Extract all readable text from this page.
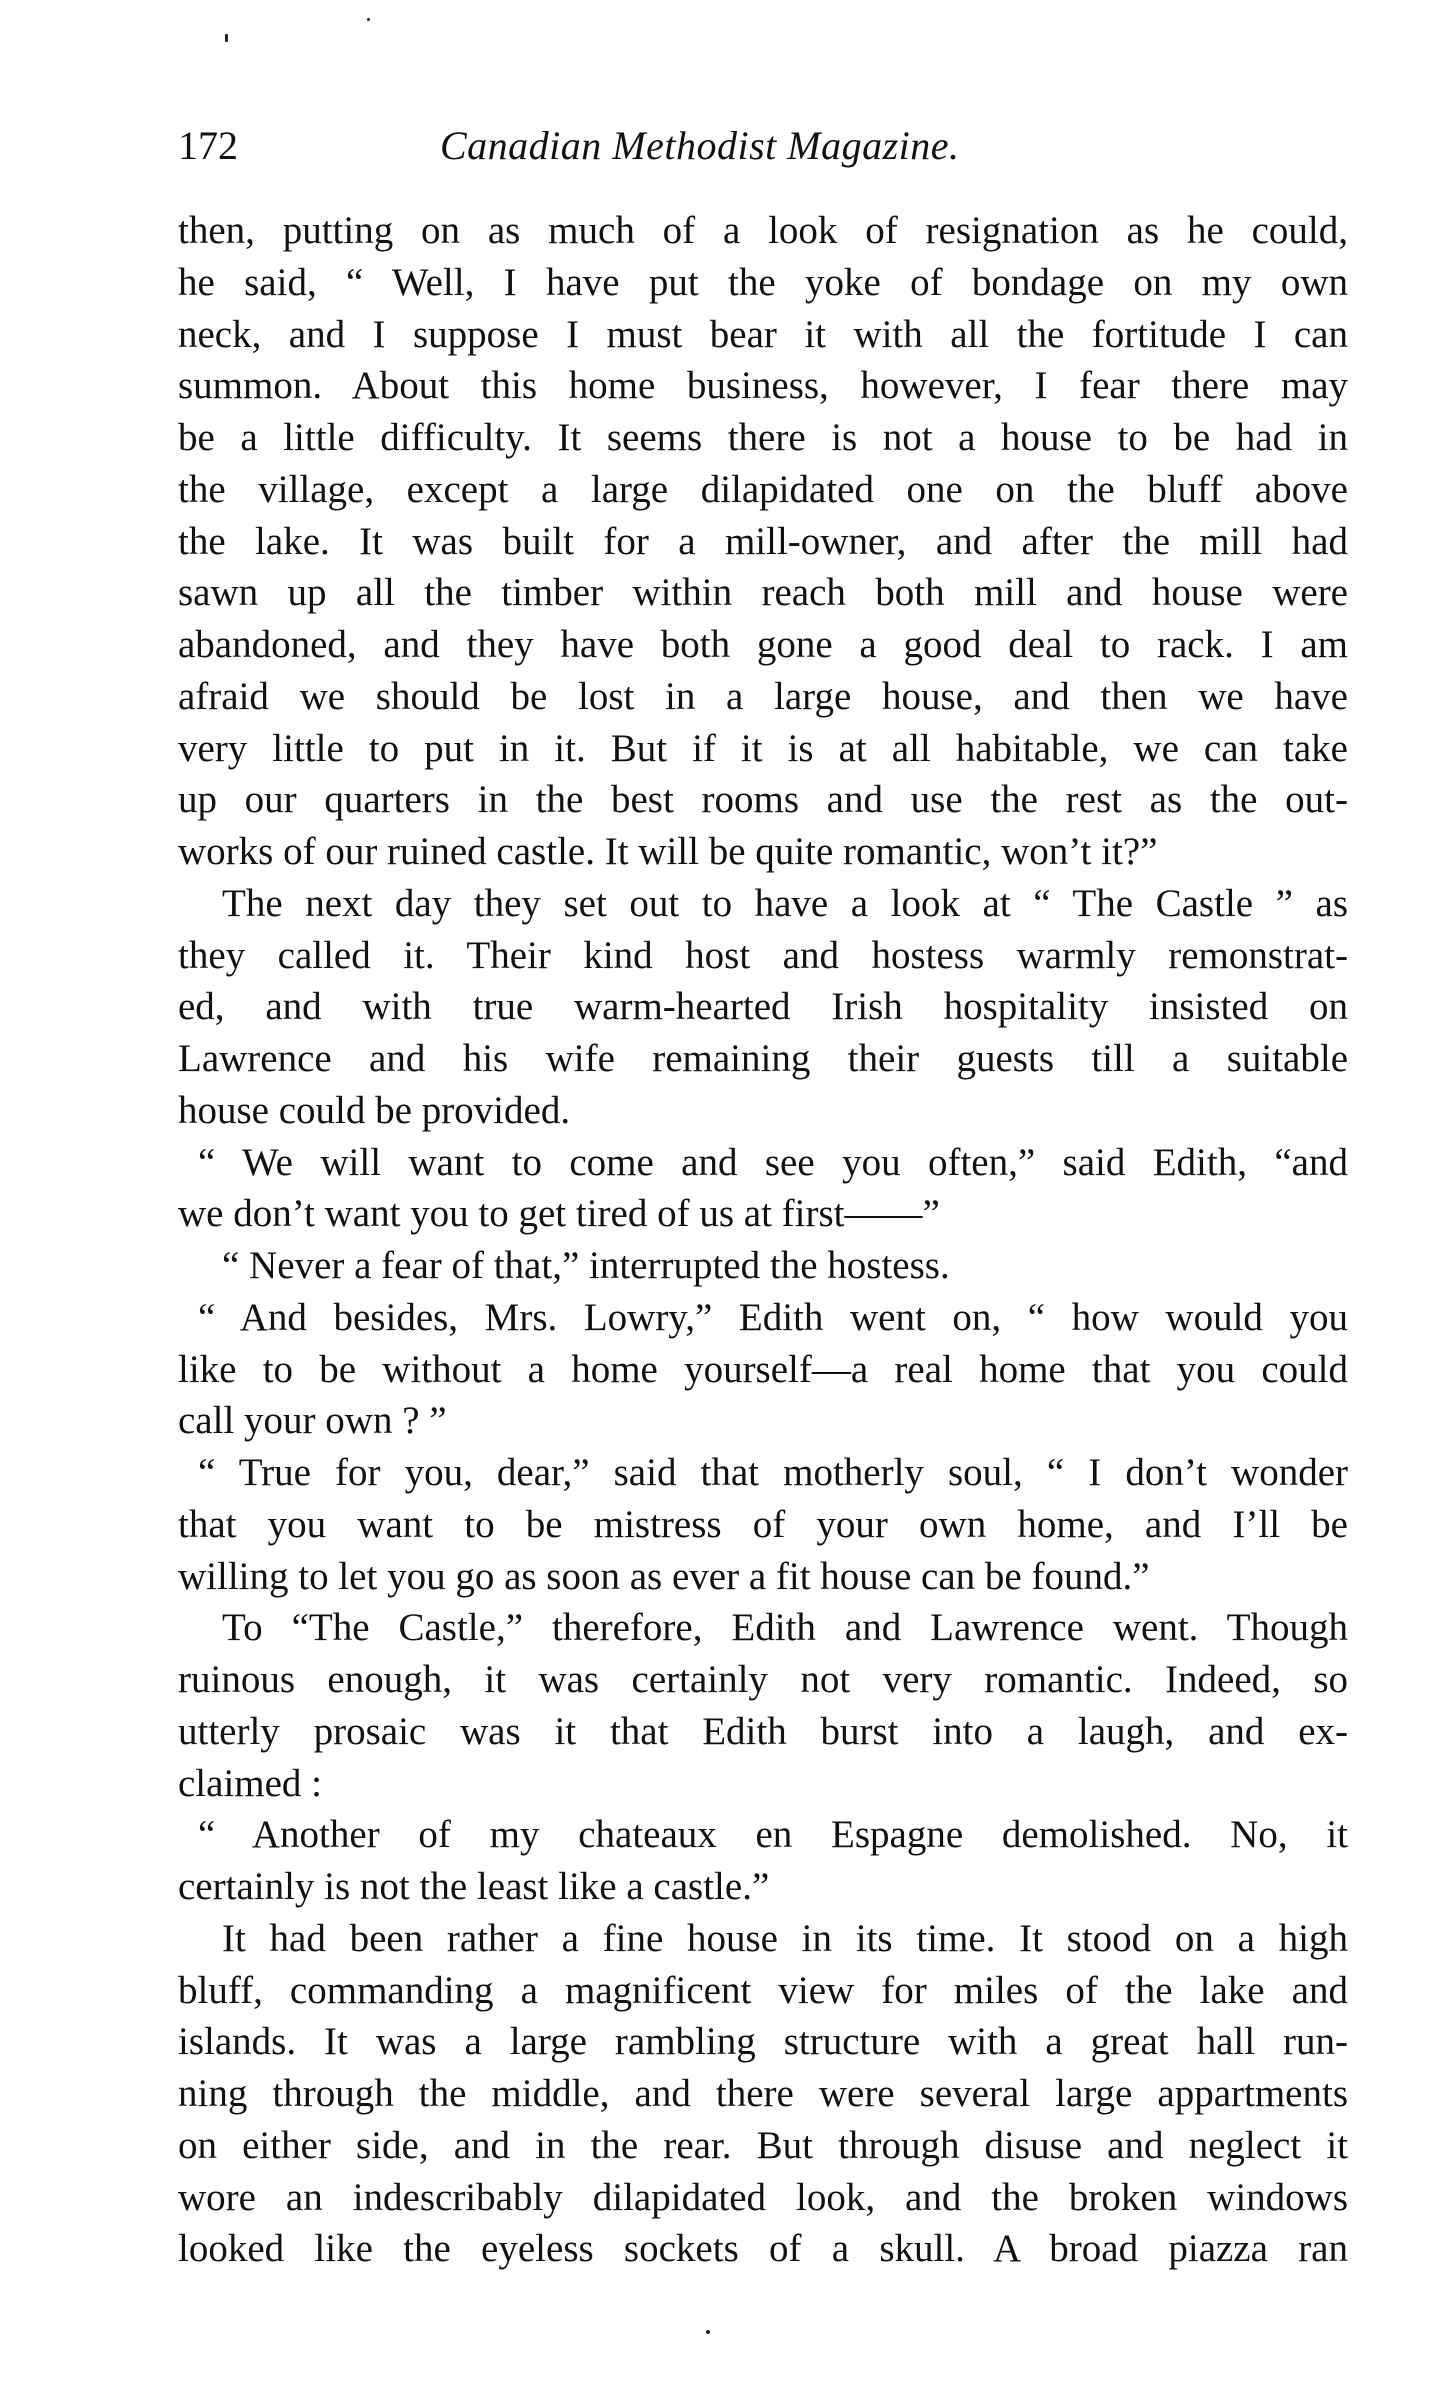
172	Canadian Methodist Magazine.
then, putting on as much of a look of resignation as he could,
he said, “ Well, I have put the yoke of bondage on my own
neck, and I suppose I must bear it with all the fortitude I can
summon. About this home business, however, I fear there may
be a little difficulty. It seems there is not a house to be had in
the village, except a large dilapidated one on the bluff above
the lake. It was built for a mill-owner, and after the mill had
sawn up all the timber within reach both mill and house were
abandoned, and they have both gone a good deal to rack. I am
afraid we should be lost in a large house, and then we have
very little to put in it. But if it is at all habitable, we can take
up our quarters in the best rooms and use the rest as the out-
works of our ruined castle. It will be quite romantic, won’t it?”
The next day they set out to have a look at “ The Castle ” as
they called it. Their kind host and hostess warmly remonstrat-
ed, and with true warm-hearted Irish hospitality insisted on
Lawrence and his wife remaining their guests till a suitable
house could be provided.
“ We will want to come and see you often,” said Edith, “and
we don’t want you to get tired of us at first——”
“ Never a fear of that,” interrupted the hostess.
“ And besides, Mrs. Lowry,” Edith went on, “ how would you
like to be without a home yourself—a real home that you could
call your own ? ”
“ True for you, dear,” said that motherly soul, “ I don’t wonder
that you want to be mistress of your own home, and I’ll be
willing to let you go as soon as ever a fit house can be found.”
To “The Castle,” therefore, Edith and Lawrence went. Though
ruinous enough, it was certainly not very romantic. Indeed, so
utterly prosaic was it that Edith burst into a laugh, and ex-
claimed :
“ Another of my chateaux en Espagne demolished. No, it
certainly is not the least like a castle.”
It had been rather a fine house in its time. It stood on a high
bluff, commanding a magnificent view for miles of the lake and
islands. It was a large rambling structure with a great hall run-
ning through the middle, and there were several large appartments
on either side, and in the rear. But through disuse and neglect it
wore an indescribably dilapidated look, and the broken windows
looked like the eyeless sockets of a skull. A broad piazza ran
